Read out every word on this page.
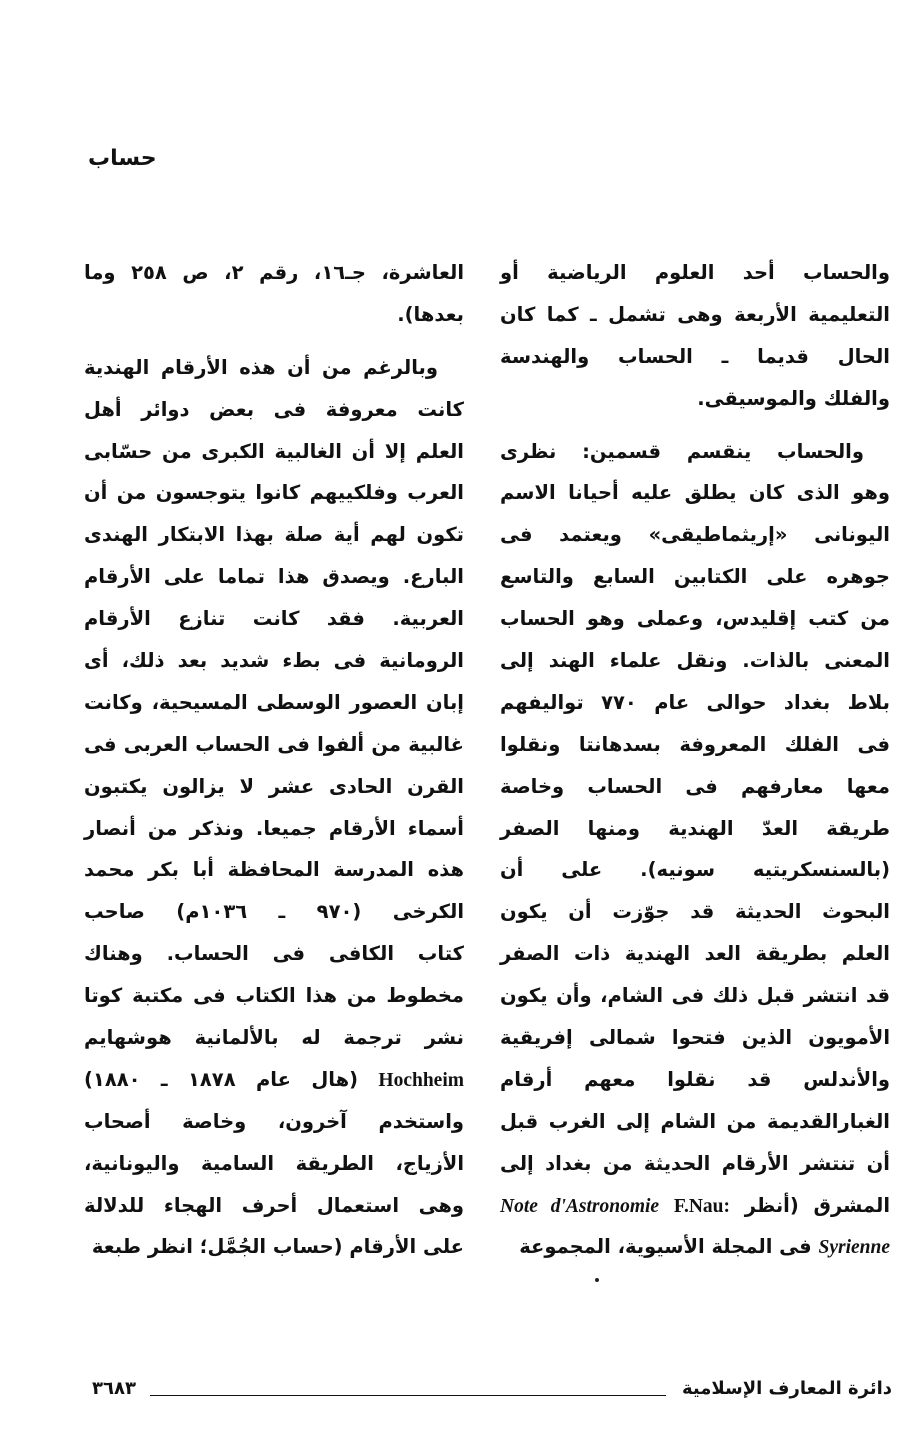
حساب
والحساب أحد العلوم الرياضية أو
التعليمية الأربعة وهى تشمل ـ كما كان
الحال قديما ـ الحساب والهندسة
والفلك والموسيقى.
والحساب ينقسم قسمين: نظرى
وهو الذى كان يطلق عليه أحيانا الاسم
اليونانى «إريثماطيقى» ويعتمد فى
جوهره على الكتابين السابع والتاسع
من كتب إقليدس، وعملى وهو الحساب
المعنى بالذات. ونقل علماء الهند إلى
بلاط بغداد حوالى عام ٧٧٠ تواليفهم
فى الفلك المعروفة بسدهانتا ونقلوا
معها معارفهم فى الحساب وخاصة
طريقة العدّ الهندية ومنها الصفر
(بالسنسكريتيه سونيه). على أن
البحوث الحديثة قد جوّزت أن يكون
العلم بطريقة العد الهندية ذات الصفر
قد انتشر قبل ذلك فى الشام، وأن يكون
الأمويون الذين فتحوا شمالى إفريقية
والأندلس قد نقلوا معهم أرقام
الغبارالقديمة من الشام إلى الغرب قبل
أن تنتشر الأرقام الحديثة من بغداد إلى
المشرق (أنظر F.Nau: Note d'Astronomie
Syrienne فى المجلة الأسيوية، المجموعة
العاشرة، جـ١٦، رقم ٢، ص ٢٥٨ وما
بعدها).
وبالرغم من أن هذه الأرقام الهندية
كانت معروفة فى بعض دوائر أهل
العلم إلا أن الغالبية الكبرى من حسّابى
العرب وفلكييهم كانوا يتوجسون من أن
تكون لهم أية صلة بهذا الابتكار الهندى
البارع. ويصدق هذا تماما على الأرقام
العربية. فقد كانت تنازع الأرقام
الرومانية فى بطء شديد بعد ذلك، أى
إبان العصور الوسطى المسيحية، وكانت
غالبية من ألفوا فى الحساب العربى فى
القرن الحادى عشر لا يزالون يكتبون
أسماء الأرقام جميعا. ونذكر من أنصار
هذه المدرسة المحافظة أبا بكر محمد
الكرخى (٩٧٠ ـ ١٠٣٦م) صاحب
كتاب الكافى فى الحساب. وهناك
مخطوط من هذا الكتاب فى مكتبة كوتا
نشر ترجمة له بالألمانية هوشهايم
Hochheim (هال عام ١٨٧٨ ـ ١٨٨٠)
واستخدم آخرون، وخاصة أصحاب
الأزياج، الطريقة السامية واليونانية،
وهى استعمال أحرف الهجاء للدلالة
على الأرقام (حساب الجُمَّل؛ انظر طبعة
دائرة المعارف الإسلامية
٣٦٨٣
